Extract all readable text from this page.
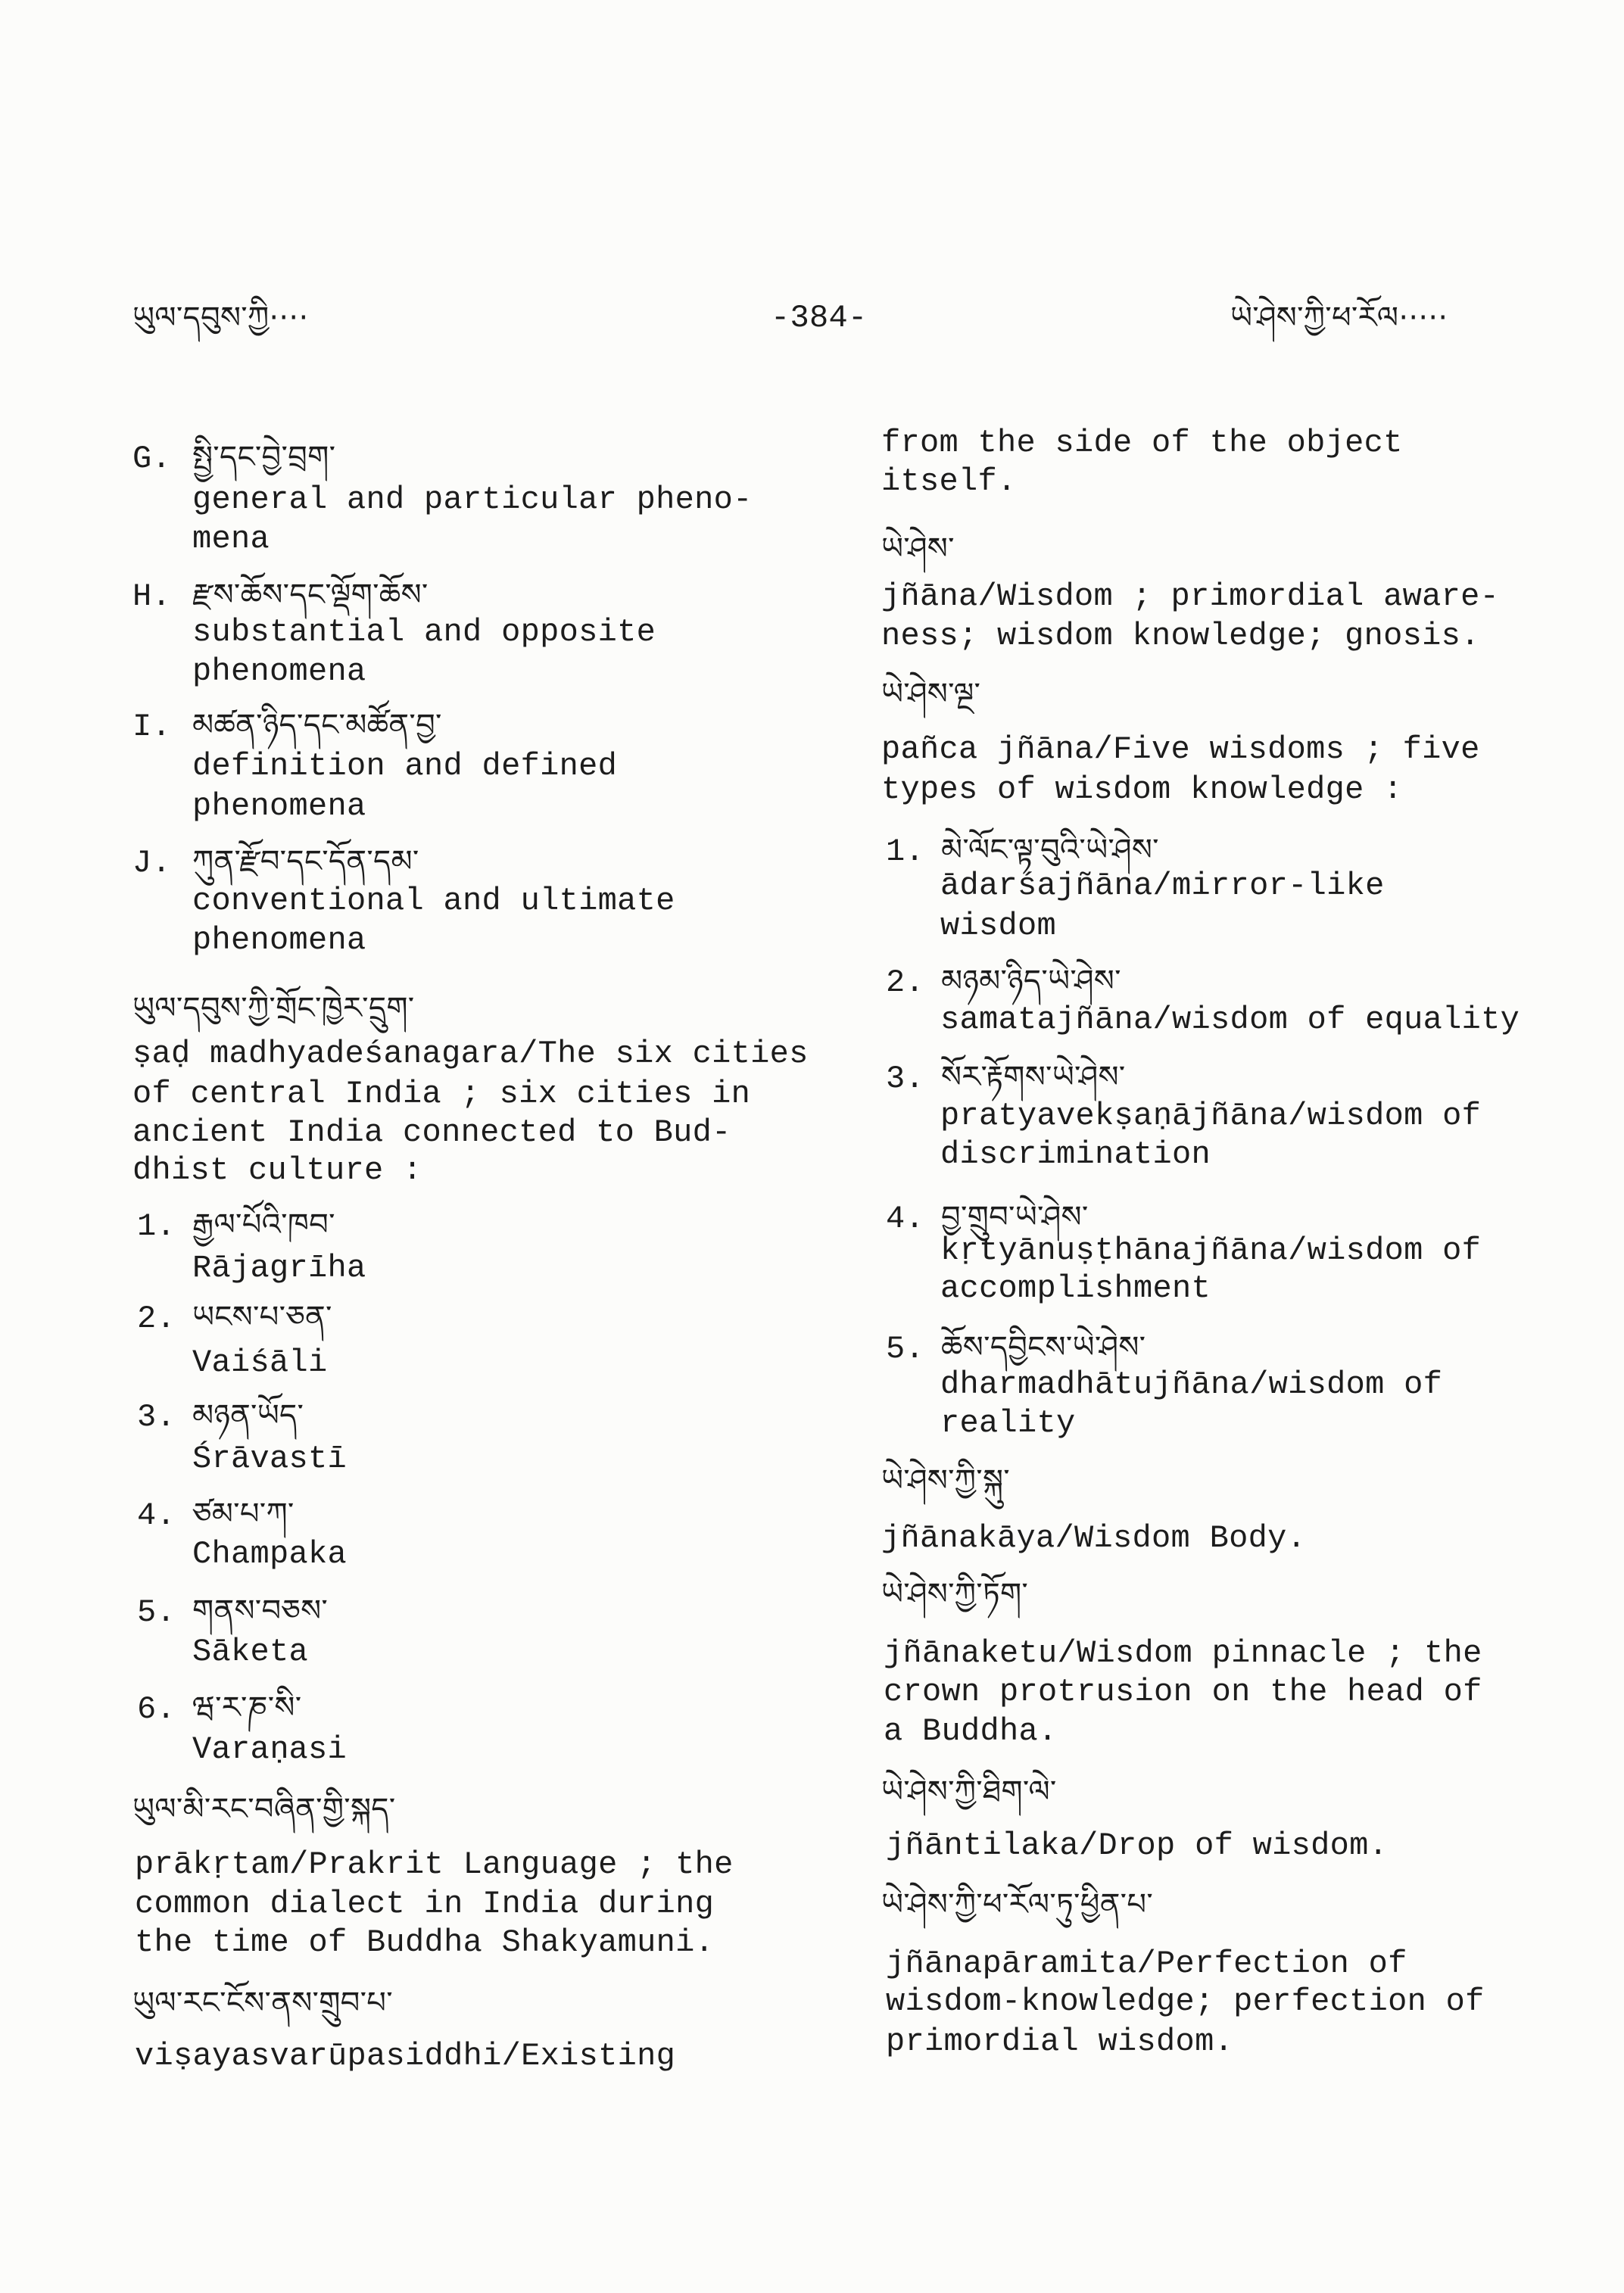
ཡུལ་དབུས་ཀྱི····	-384-	ཡེ་ཤེས་ཀྱི་ཕ་རོལ·····
G. སྤྱི་དང་བྱེ་བྲག་
general and particular pheno-
mena
H. རྫས་ཆོས་དང་ལྡོག་ཆོས་
substantial and opposite
phenomena
I. མཚན་ཉིད་དང་མཚོན་བྱ་
definition and defined
phenomena
J. ཀུན་རྫོབ་དང་དོན་དམ་
conventional and ultimate
phenomena
ཡུལ་དབུས་ཀྱི་གྲོང་ཁྱེར་དྲུག་
ṣaḍ madhyadeśanagara/The six cities
of central India ; six cities in
ancient India connected to Bud-
dhist culture :
1. རྒྱལ་པོའི་ཁབ་
Rājagrīha
2. ཡངས་པ་ཅན་
Vaiśāli
3. མཉན་ཡོད་
Śrāvastī
4. ཙམ་པ་ཀ་
Champaka
5. གནས་བཅས་
Sāketa
6. ཝ་ར་ཎ་སི་
Varaṇasi
ཡུལ་མི་རང་བཞིན་གྱི་སྐད་
prākṛtam/Prakrit Language ; the
common dialect in India during
the time of Buddha Shakyamuni.
ཡུལ་རང་ངོས་ནས་གྲུབ་པ་
viṣayasvarūpasiddhi/Existing
from the side of the object
itself.
ཡེ་ཤེས་
jñāna/Wisdom ; primordial aware-
ness; wisdom knowledge; gnosis.
ཡེ་ཤེས་ལྔ་
pañca jñāna/Five wisdoms ; five
types of wisdom knowledge :
1. མེ་ལོང་ལྟ་བུའི་ཡེ་ཤེས་
ādarśajñāna/mirror-like
wisdom
2. མཉམ་ཉིད་ཡེ་ཤེས་
samatajñāna/wisdom of equality
3. སོར་རྟོགས་ཡེ་ཤེས་
pratyavekṣaṇājñāna/wisdom of
discrimination
4. བྱ་གྲུབ་ཡེ་ཤེས་
kṛtyānuṣṭhānajñāna/wisdom of
accomplishment
5. ཆོས་དབྱིངས་ཡེ་ཤེས་
dharmadhātujñāna/wisdom of
reality
ཡེ་ཤེས་ཀྱི་སྐུ་
jñānakāya/Wisdom Body.
ཡེ་ཤེས་ཀྱི་ཏོག་
jñānaketu/Wisdom pinnacle ; the
crown protrusion on the head of
a Buddha.
ཡེ་ཤེས་ཀྱི་ཐིག་ལེ་
jñāntilaka/Drop of wisdom.
ཡེ་ཤེས་ཀྱི་ཕ་རོལ་ཏུ་ཕྱིན་པ་
jñānapāramita/Perfection of
wisdom-knowledge; perfection of
primordial wisdom.
